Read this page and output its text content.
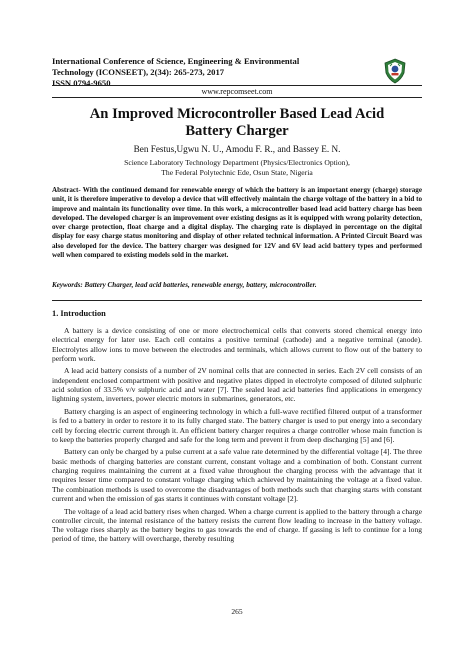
International Conference of Science, Engineering & Environmental
Technology (ICONSEET), 2(34): 265-273, 2017
ISSN 0794-9650
www.repcomseet.com
An Improved Microcontroller Based Lead Acid
Battery Charger
Ben Festus,Ugwu N. U., Amodu F. R., and Bassey E. N.
Science Laboratory Technology Department (Physics/Electronics Option),
The Federal Polytechnic Ede, Osun State, Nigeria
Abstract- With the continued demand for renewable energy of which the battery is an important energy (charge) storage unit, it is therefore imperative to develop a device that will effectively maintain the charge voltage of the battery in a bid to improve and maintain its functionality over time. In this work, a microcontroller based lead acid battery charge has been developed. The developed charger is an improvement over existing designs as it is equipped with wrong polarity detection, over charge protection, float charge and a digital display. The charging rate is displayed in percentage on the digital display for easy charge status monitoring and display of other related technical information. A Printed Circuit Board was also developed for the device. The battery charger was designed for 12V and 6V lead acid battery types and performed well when compared to existing models sold in the market.
Keywords: Battery Charger, lead acid batteries, renewable energy, battery, microcontroller.
1. Introduction

A battery is a device consisting of one or more electrochemical cells that converts stored chemical energy into electrical energy for later use. Each cell contains a positive terminal (cathode) and a negative terminal (anode). Electrolytes allow ions to move between the electrodes and terminals, which allows current to flow out of the battery to perform work.

A lead acid battery consists of a number of 2V nominal cells that are connected in series. Each 2V cell consists of an independent enclosed compartment with positive and negative plates dipped in electrolyte composed of diluted sulphuric acid solution of 33.5% v/v sulphuric acid and water [7]. The sealed lead acid batteries find applications in emergency lightning system, inverters, power electric motors in submarines, generators, etc.

Battery charging is an aspect of engineering technology in which a full-wave rectified filtered output of a transformer is fed to a battery in order to restore it to its fully charged state. The battery charger is used to put energy into a secondary cell by forcing electric current through it. An efficient battery charger requires a charge controller whose main function is to keep the batteries properly charged and safe for the long term and prevent it from deep discharging [5] and [6].

Battery can only be charged by a pulse current at a safe value rate determined by the differential voltage [4]. The three basic methods of charging batteries are constant current, constant voltage and a combination of both. Constant current charging requires maintaining the current at a fixed value throughout the charging process with the advantage that it requires lesser time compared to constant voltage charging which achieved by maintaining the voltage at a fixed value. The combination methods is used to overcome the disadvantages of both methods such that charging starts with constant current and when the emission of gas starts it continues with constant voltage [2].

The voltage of a lead acid battery rises when charged. When a charge current is applied to the battery through a charge controller circuit, the internal resistance of the battery resists the current flow leading to increase in the battery voltage. The voltage rises sharply as the battery begins to gas towards the end of charge. If gassing is left to continue for a long period of time, the battery will overcharge, thereby resulting

265
